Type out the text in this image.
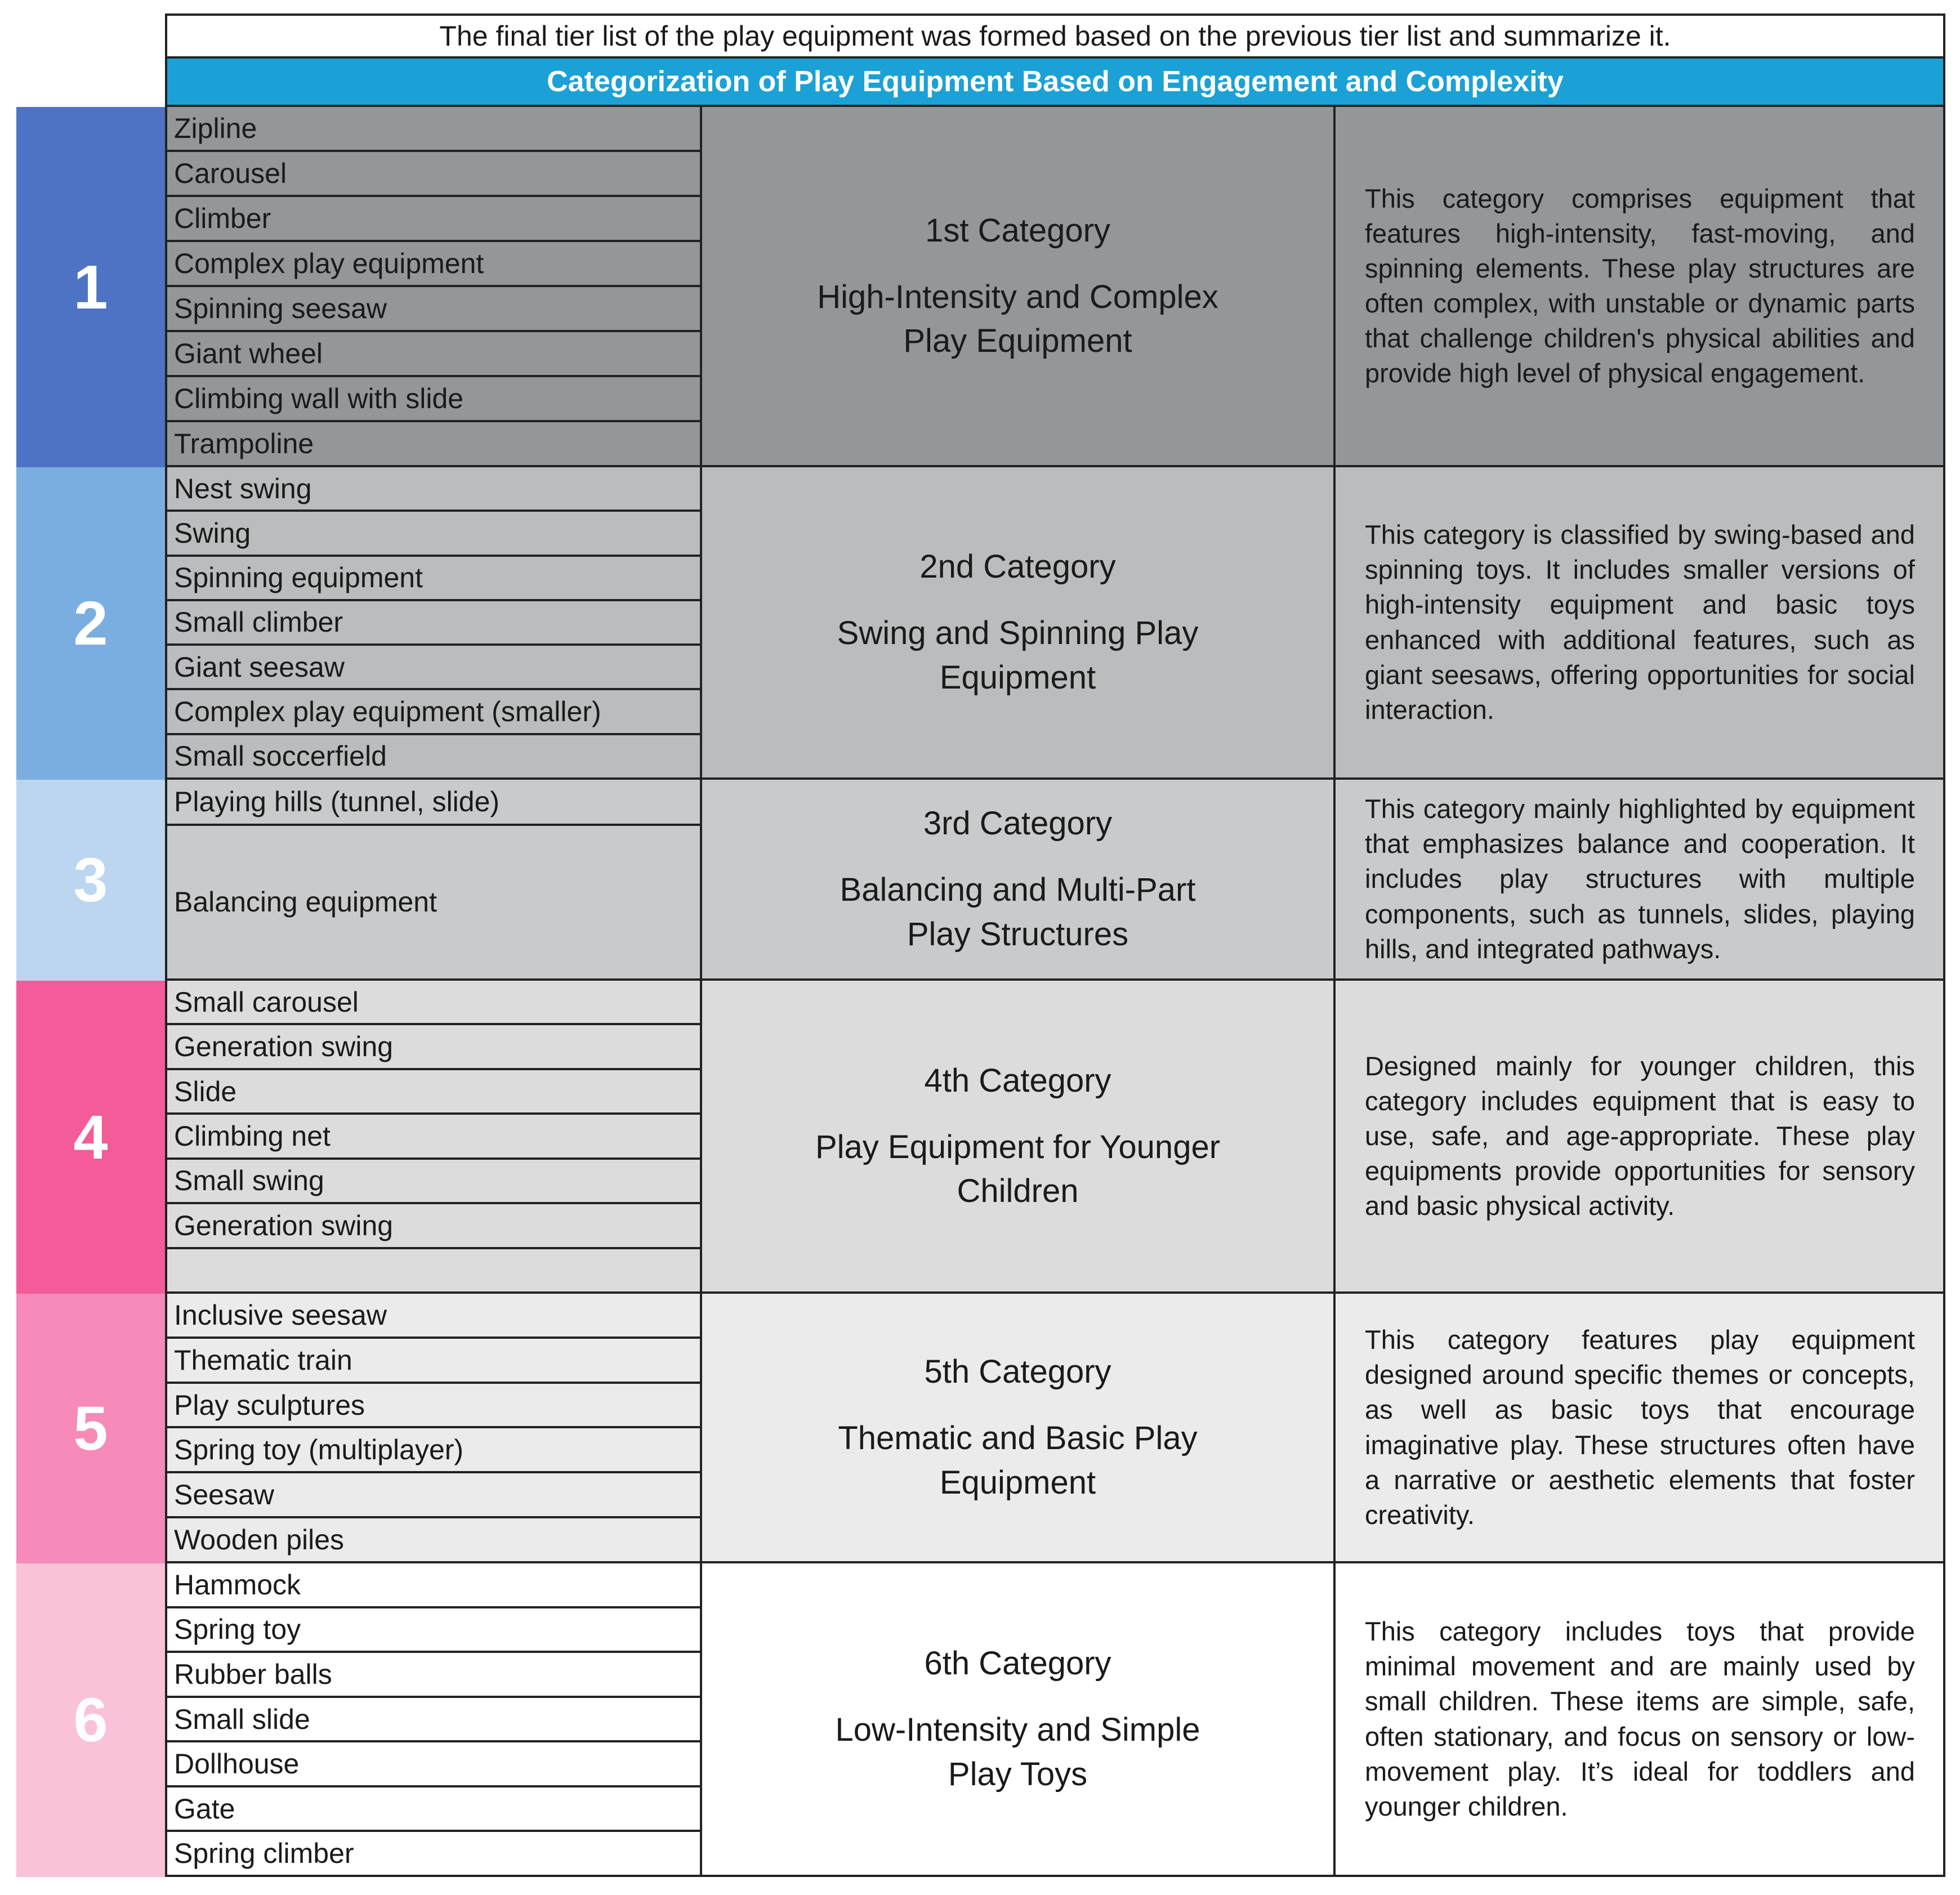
The final tier list of the play equipment was formed based on the previous tier list and summarize it.
Categorization of Play Equipment Based on Engagement and Complexity
1
Zipline
Carousel
Climber
Complex play equipment
Spinning seesaw
Giant wheel
Climbing wall with slide
Trampoline
1st Category
High-Intensity and Complex Play Equipment
This category comprises equipment that features high-intensity, fast-moving, and spinning elements. These play structures are often complex, with unstable or dynamic parts that challenge children's physical abilities and provide high level of physical engagement.
2
Nest swing
Swing
Spinning equipment
Small climber
Giant seesaw
Complex play equipment (smaller)
Small soccerfield
2nd Category
Swing and Spinning Play Equipment
This category is classified by swing-based and spinning toys. It includes smaller versions of high-intensity equipment and basic toys enhanced with additional features, such as giant seesaws, offering opportunities for social interaction.
3
Playing hills (tunnel, slide)
Balancing equipment
3rd Category
Balancing and Multi-Part Play Structures
This category mainly highlighted by equipment that emphasizes balance and cooperation. It includes play structures with multiple components, such as tunnels, slides, playing hills, and integrated pathways.
4
Small carousel
Generation swing
Slide
Climbing net
Small swing
Generation swing
4th Category
Play Equipment for Younger Children
Designed mainly for younger children, this category includes equipment that is easy to use, safe, and age-appropriate. These play equipments provide opportunities for sensory and basic physical activity.
5
Inclusive seesaw
Thematic train
Play sculptures
Spring toy (multiplayer)
Seesaw
Wooden piles
5th Category
Thematic and Basic Play Equipment
This category features play equipment designed around specific themes or concepts, as well as basic toys that encourage imaginative play. These structures often have a narrative or aesthetic elements that foster creativity.
6
Hammock
Spring toy
Rubber balls
Small slide
Dollhouse
Gate
Spring climber
6th Category
Low-Intensity and Simple Play Toys
This category includes toys that provide minimal movement and are mainly used by small children. These items are simple, safe, often stationary, and focus on sensory or low-movement play. It’s ideal for toddlers and younger children.
